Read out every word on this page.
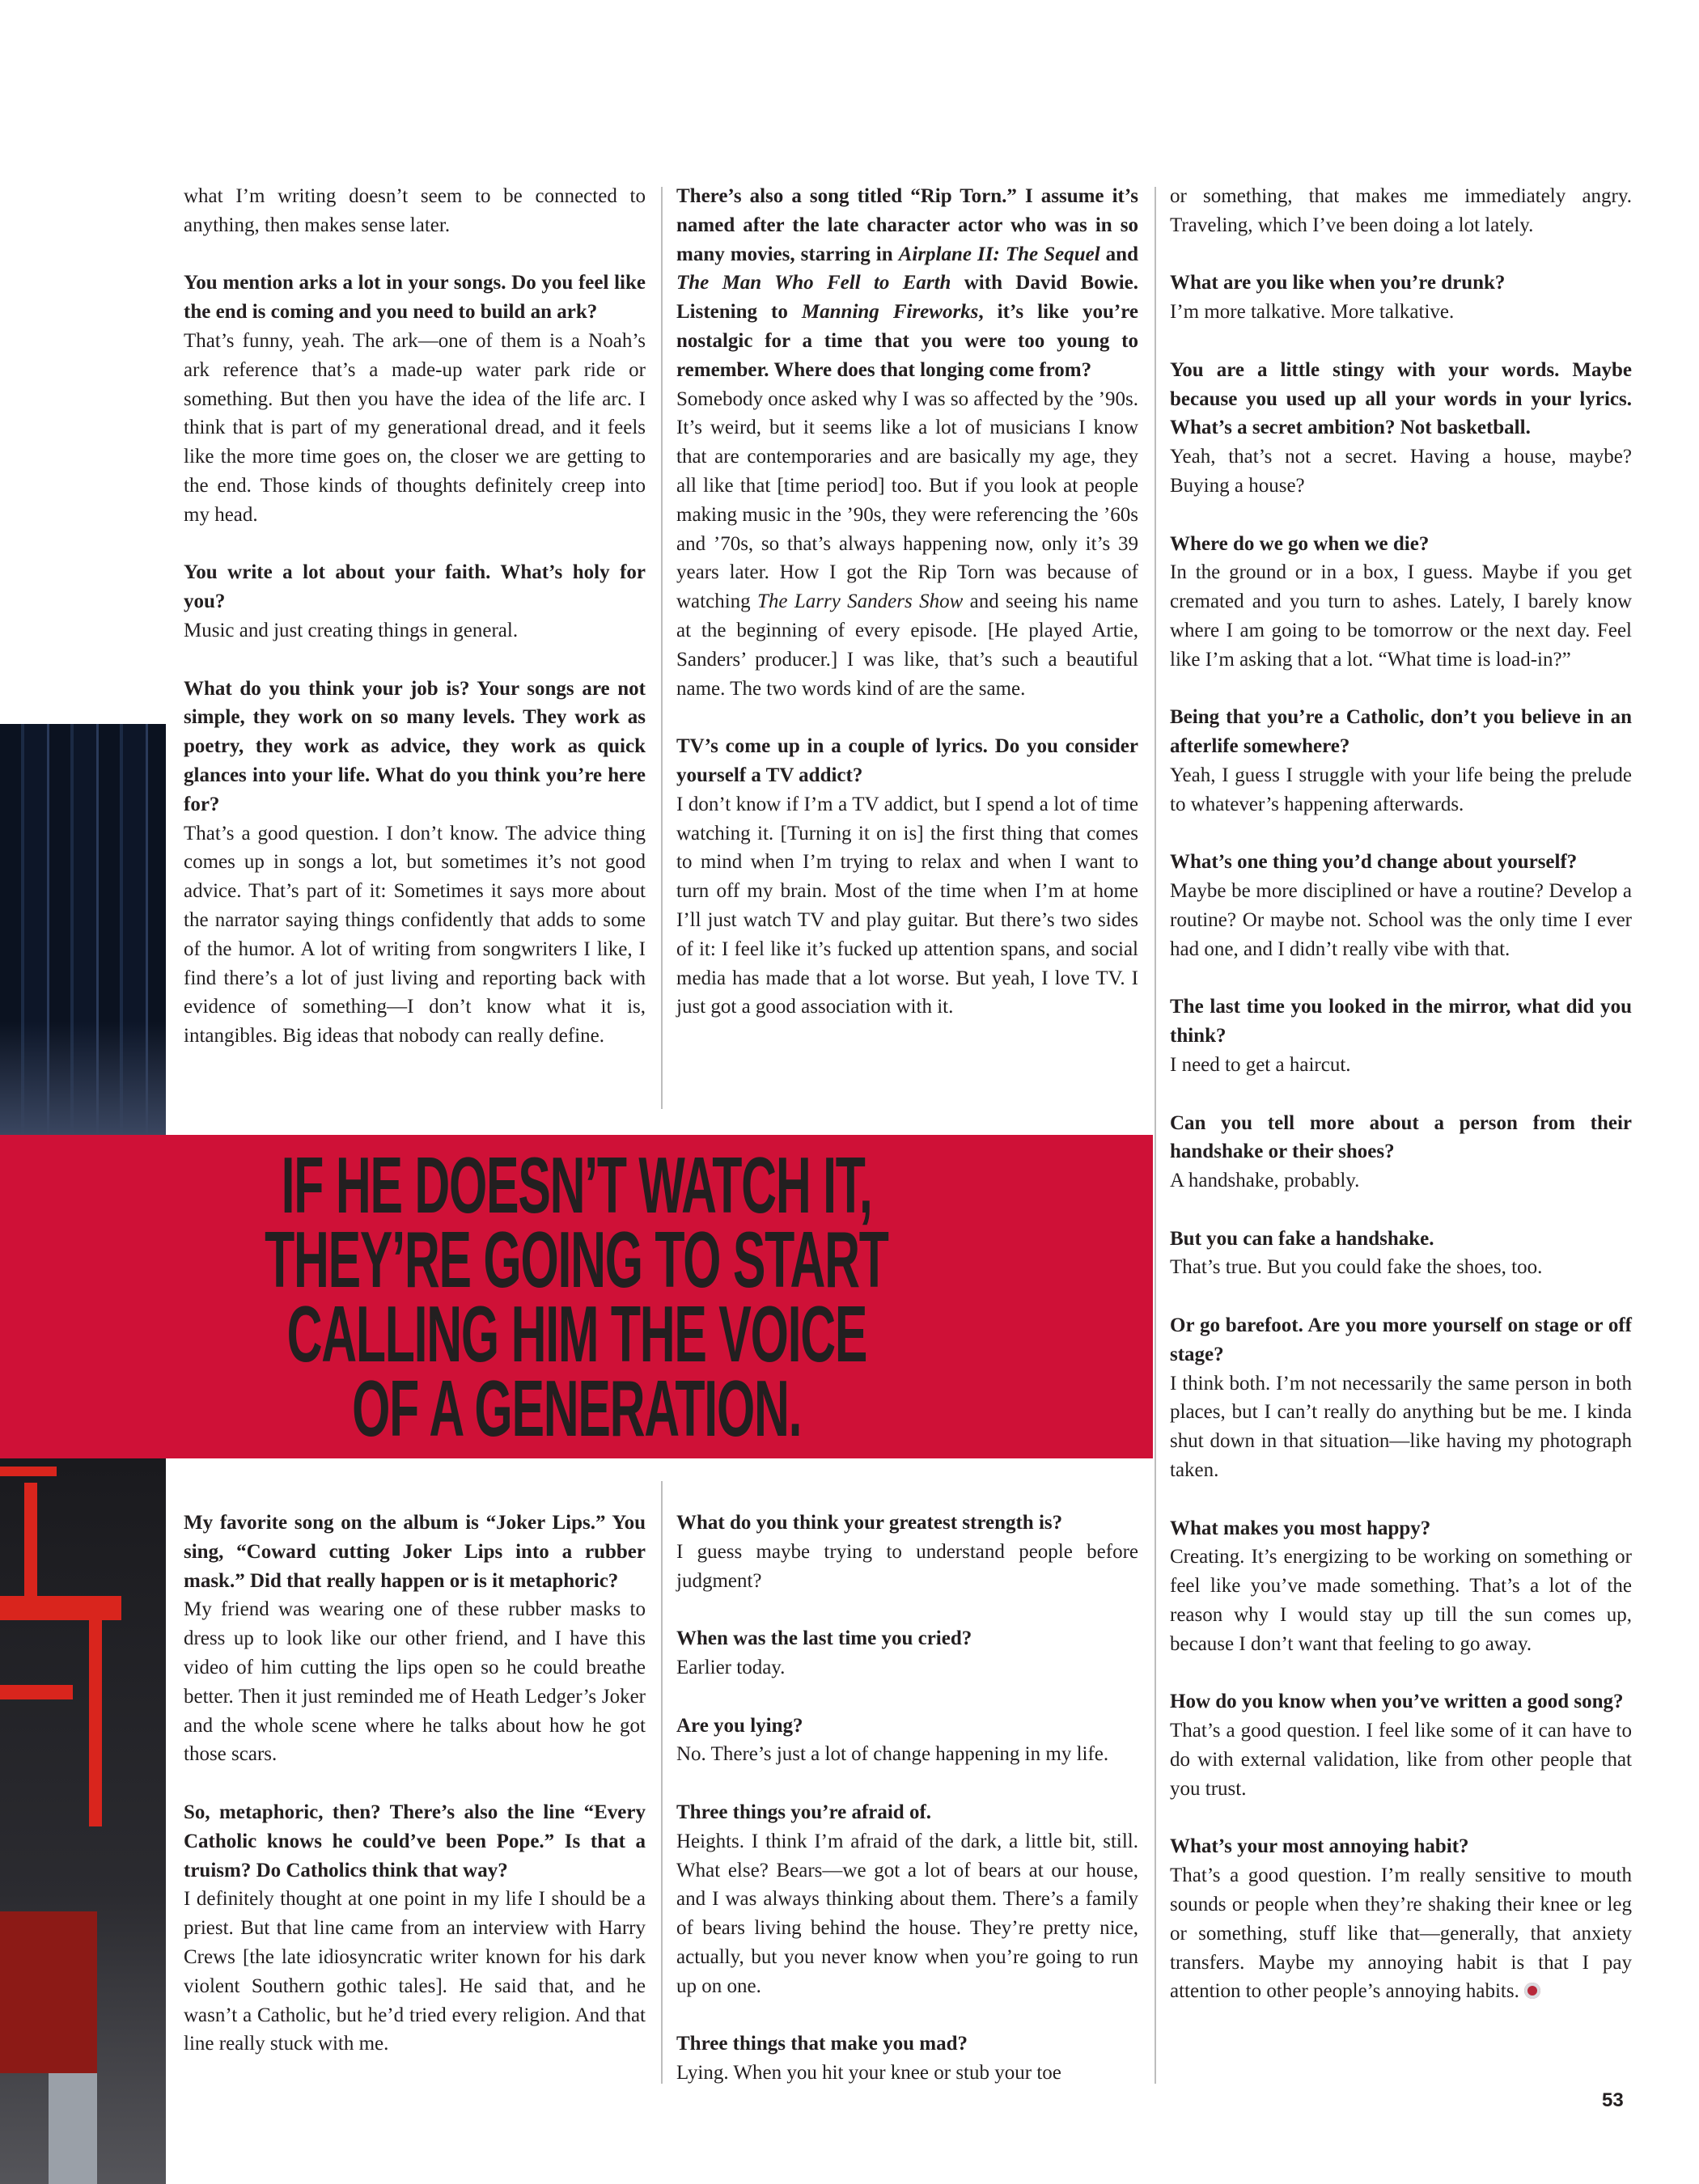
what I’m writing doesn’t seem to be connected to anything, then makes sense later.
You mention arks a lot in your songs. Do you feel like the end is coming and you need to build an ark?
That’s funny, yeah. The ark—one of them is a Noah’s ark reference that’s a made-up water park ride or something. But then you have the idea of the life arc. I think that is part of my generational dread, and it feels like the more time goes on, the closer we are getting to the end. Those kinds of thoughts definitely creep into my head.
You write a lot about your faith. What’s holy for you?
Music and just creating things in general.
What do you think your job is? Your songs are not simple, they work on so many levels. They work as poetry, they work as advice, they work as quick glances into your life. What do you think you’re here for?
That’s a good question. I don’t know. The advice thing comes up in songs a lot, but sometimes it’s not good advice. That’s part of it: Sometimes it says more about the narrator saying things confidently that adds to some of the humor. A lot of writing from songwriters I like, I find there’s a lot of just living and reporting back with evidence of something—I don’t know what it is, intangibles. Big ideas that nobody can really define.
There’s also a song titled “Rip Torn.” I assume it’s named after the late character actor who was in so many movies, starring in Airplane II: The Sequel and The Man Who Fell to Earth with David Bowie. Listening to Manning Fireworks, it’s like you’re nostalgic for a time that you were too young to remember. Where does that longing come from?
Somebody once asked why I was so affected by the ’90s. It’s weird, but it seems like a lot of musicians I know that are contemporaries and are basically my age, they all like that [time period] too. But if you look at people making music in the ’90s, they were referencing the ’60s and ’70s, so that’s always happening now, only it’s 39 years later. How I got the Rip Torn was because of watching The Larry Sanders Show and seeing his name at the beginning of every episode. [He played Artie, Sanders’ producer.] I was like, that’s such a beautiful name. The two words kind of are the same.
TV’s come up in a couple of lyrics. Do you consider yourself a TV addict?
I don’t know if I’m a TV addict, but I spend a lot of time watching it. [Turning it on is] the first thing that comes to mind when I’m trying to relax and when I want to turn off my brain. Most of the time when I’m at home I’ll just watch TV and play guitar. But there’s two sides of it: I feel like it’s fucked up attention spans, and social media has made that a lot worse. But yeah, I love TV. I just got a good association with it.
or something, that makes me immediately angry. Traveling, which I’ve been doing a lot lately.
What are you like when you’re drunk?
I’m more talkative. More talkative.
You are a little stingy with your words. Maybe because you used up all your words in your lyrics. What’s a secret ambition? Not basketball.
Yeah, that’s not a secret. Having a house, maybe? Buying a house?
Where do we go when we die?
In the ground or in a box, I guess. Maybe if you get cremated and you turn to ashes. Lately, I barely know where I am going to be tomorrow or the next day. Feel like I’m asking that a lot. “What time is load-in?”
Being that you’re a Catholic, don’t you believe in an afterlife somewhere?
Yeah, I guess I struggle with your life being the prelude to whatever’s happening afterwards.
What’s one thing you’d change about yourself?
Maybe be more disciplined or have a routine? Develop a routine? Or maybe not. School was the only time I ever had one, and I didn’t really vibe with that.
The last time you looked in the mirror, what did you think?
I need to get a haircut.
Can you tell more about a person from their handshake or their shoes?
A handshake, probably.
But you can fake a handshake.
That’s true. But you could fake the shoes, too.
Or go barefoot. Are you more yourself on stage or off stage?
I think both. I’m not necessarily the same person in both places, but I can’t really do anything but be me. I kinda shut down in that situation—like having my photograph taken.
What makes you most happy?
Creating. It’s energizing to be working on something or feel like you’ve made something. That’s a lot of the reason why I would stay up till the sun comes up, because I don’t want that feeling to go away.
How do you know when you’ve written a good song?
That’s a good question. I feel like some of it can have to do with external validation, like from other people that you trust.
What’s your most annoying habit?
That’s a good question. I’m really sensitive to mouth sounds or people when they’re shaking their knee or leg or something, stuff like that—generally, that anxiety transfers. Maybe my annoying habit is that I pay attention to other people’s annoying habits.
My favorite song on the album is “Joker Lips.” You sing, “Coward cutting Joker Lips into a rubber mask.” Did that really happen or is it metaphoric?
My friend was wearing one of these rubber masks to dress up to look like our other friend, and I have this video of him cutting the lips open so he could breathe better. Then it just reminded me of Heath Ledger’s Joker and the whole scene where he talks about how he got those scars.
So, metaphoric, then? There’s also the line “Every Catholic knows he could’ve been Pope.” Is that a truism? Do Catholics think that way?
I definitely thought at one point in my life I should be a priest. But that line came from an interview with Harry Crews [the late idiosyncratic writer known for his dark violent Southern gothic tales]. He said that, and he wasn’t a Catholic, but he’d tried every religion. And that line really stuck with me.
What do you think your greatest strength is?
I guess maybe trying to understand people before judgment?
When was the last time you cried?
Earlier today.
Are you lying?
No. There’s just a lot of change happening in my life.
Three things you’re afraid of.
Heights. I think I’m afraid of the dark, a little bit, still. What else? Bears—we got a lot of bears at our house, and I was always thinking about them. There’s a family of bears living behind the house. They’re pretty nice, actually, but you never know when you’re going to run up on one.
Three things that make you mad?
Lying. When you hit your knee or stub your toe
IF HE DOESN’T WATCH IT,
THEY’RE GOING TO START
CALLING HIM THE VOICE
OF A GENERATION.
53
